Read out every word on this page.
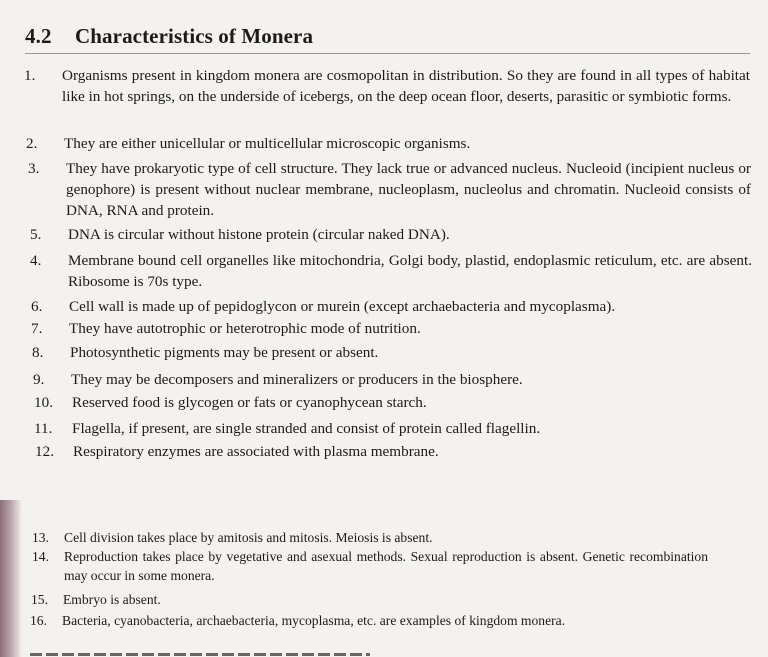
4.2 Characteristics of Monera
1.	Organisms present in kingdom monera are cosmopolitan in distribution. So they are found in all types of habitat like in hot springs, on the underside of icebergs, on the deep ocean floor, deserts, parasitic or symbiotic forms.
2.	They are either unicellular or multicellular microscopic organisms.
3.	They have prokaryotic type of cell structure. They lack true or advanced nucleus. Nucleoid (incipient nucleus or genophore) is present without nuclear membrane, nucleoplasm, nucleolus and chromatin. Nucleoid consists of DNA, RNA and protein.
5.	DNA is circular without histone protein (circular naked DNA).
4.	Membrane bound cell organelles like mitochondria, Golgi body, plastid, endoplasmic reticulum, etc. are absent. Ribosome is 70s type.
6.	Cell wall is made up of pepidoglycon or murein (except archaebacteria and mycoplasma).
7.	They have autotrophic or heterotrophic mode of nutrition.
8.	Photosynthetic pigments may be present or absent.
9.	They may be decomposers and mineralizers or producers in the biosphere.
10.	Reserved food is glycogen or fats or cyanophycean starch.
11.	Flagella, if present, are single stranded and consist of protein called flagellin.
12.	Respiratory enzymes are associated with plasma membrane.
13.	Cell division takes place by amitosis and mitosis. Meiosis is absent.
14.	Reproduction takes place by vegetative and asexual methods. Sexual reproduction is absent. Genetic recombination may occur in some monera.
15.	Embryo is absent.
16.	Bacteria, cyanobacteria, archaebacteria, mycoplasma, etc. are examples of kingdom monera.
